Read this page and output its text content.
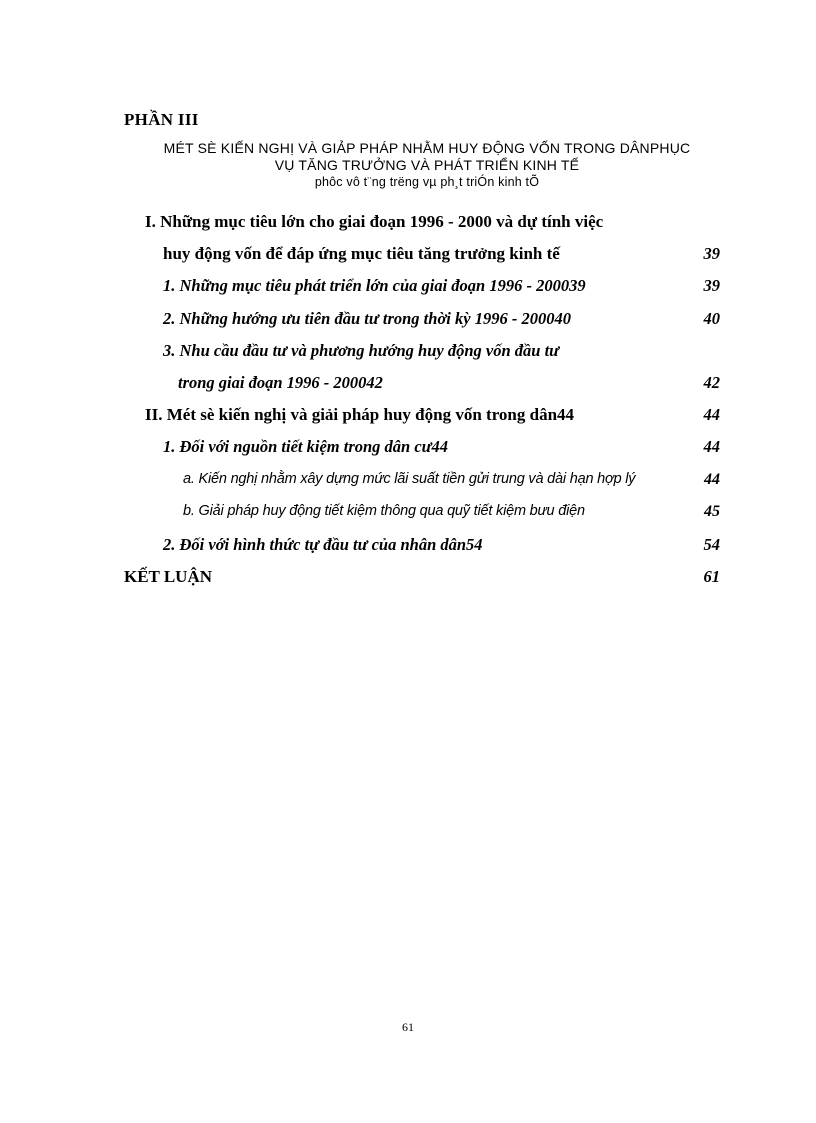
PHẦN III
MÉT SÈ KIẾN NGHỊ VÀ GIẢP PHÁP NHẰM HUY ĐỘNG VỐN TRONG DÂNPHỤC
VỤ TĂNG TRƯỞNG VÀ PHÁT TRIỂN KINH TẾ
phôc vô t¨ng trëng vµ ph¸t triÓn kinh tÕ
I. Những mục tiêu lớn cho giai đoạn 1996 - 2000 và dự tính việc
huy động vốn để đáp ứng mục tiêu tăng trưởng kinh tế	39
1. Những mục tiêu phát triển lớn của giai đoạn 1996 - 200039	39
2. Những hướng ưu tiên đầu tư trong thời kỳ 1996 - 200040	40
3. Nhu cầu đầu tư và phương hướng huy động vốn đầu tư
trong giai đoạn 1996 - 200042	42
II. Mét sè kiến nghị và giải pháp huy động vốn trong dân44	44
1. Đối với nguồn tiết kiệm trong dân cư44	44
a. Kiến nghị nhằm xây dựng mức lãi suất tiền gửi trung và dài hạn hợp lý	44
b. Giải pháp huy động tiết kiệm thông qua quỹ tiết kiệm bưu điện	45
2. Đối với hình thức tự đầu tư của nhân dân54	54
KẾT LUẬN	61
61
